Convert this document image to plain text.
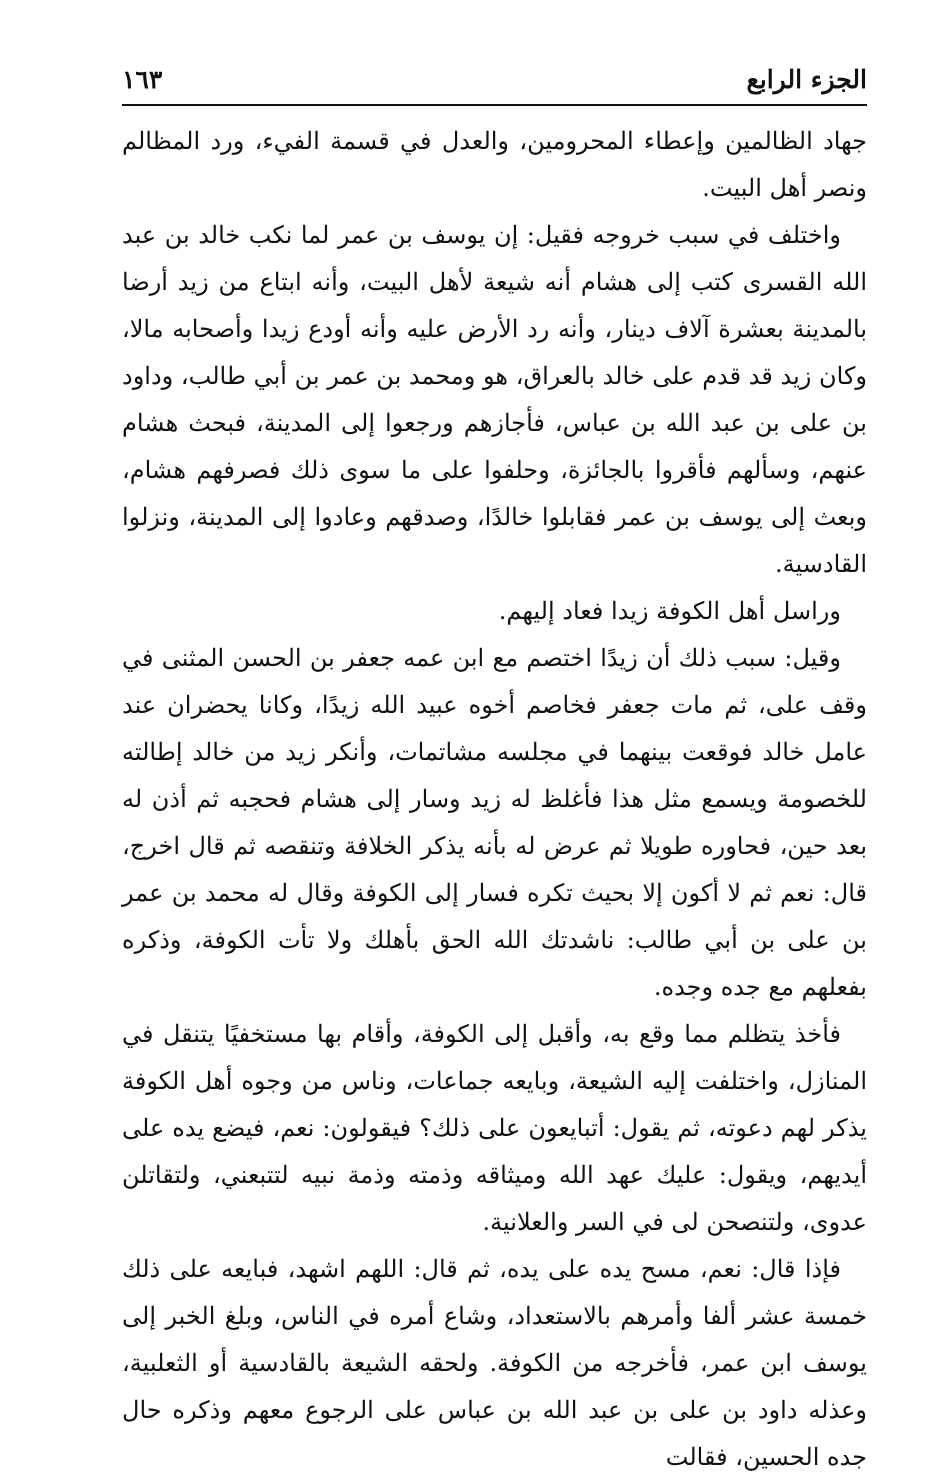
الجزء الرابع
١٦٣

جهاد الظالمين وإعطاء المحرومين، والعدل في قسمة الفيء، ورد المظالم ونصر أهل البيت.

واختلف في سبب خروجه فقيل: إن يوسف بن عمر لما نكب خالد بن عبد الله القسرى كتب إلى هشام أنه شيعة لأهل البيت، وأنه ابتاع من زيد أرضا بالمدينة بعشرة آلاف دينار، وأنه رد الأرض عليه وأنه أودع زيدا وأصحابه مالا، وكان زيد قد قدم على خالد بالعراق، هو ومحمد بن عمر بن أبي طالب، وداود بن على بن عبد الله بن عباس، فأجازهم ورجعوا إلى المدينة، فبحث هشام عنهم، وسألهم فأقروا بالجائزة، وحلفوا على ما سوى ذلك فصرفهم هشام، وبعث إلى يوسف بن عمر فقابلوا خالدًا، وصدقهم وعادوا إلى المدينة، ونزلوا القادسية.

وراسل أهل الكوفة زيدا فعاد إليهم.

وقيل: سبب ذلك أن زيدًا اختصم مع ابن عمه جعفر بن الحسن المثنى في وقف على، ثم مات جعفر فخاصم أخوه عبيد الله زيدًا، وكانا يحضران عند عامل خالد فوقعت بينهما في مجلسه مشاتمات، وأنكر زيد من خالد إطالته للخصومة ويسمع مثل هذا فأغلظ له زيد وسار إلى هشام فحجبه ثم أذن له بعد حين، فحاوره طويلا ثم عرض له بأنه يذكر الخلافة وتنقصه ثم قال اخرج، قال: نعم ثم لا أكون إلا بحيث تكره فسار إلى الكوفة وقال له محمد بن عمر بن على بن أبي طالب: ناشدتك الله الحق بأهلك ولا تأت الكوفة، وذكره بفعلهم مع جده وجده.

فأخذ يتظلم مما وقع به، وأقبل إلى الكوفة، وأقام بها مستخفيًا يتنقل في المنازل، واختلفت إليه الشيعة، وبايعه جماعات، وناس من وجوه أهل الكوفة يذكر لهم دعوته، ثم يقول: أتبايعون على ذلك؟ فيقولون: نعم، فيضع يده على أيديهم، ويقول: عليك عهد الله وميثاقه وذمته وذمة نبيه لتتبعني، ولتقاتلن عدوى، ولتنصحن لى في السر والعلانية.

فإذا قال: نعم، مسح يده على يده، ثم قال: اللهم اشهد، فبايعه على ذلك خمسة عشر ألفا وأمرهم بالاستعداد، وشاع أمره في الناس، وبلغ الخبر إلى يوسف ابن عمر، فأخرجه من الكوفة. ولحقه الشيعة بالقادسية أو الثعلبية، وعذله داود بن على بن عبد الله بن عباس على الرجوع معهم وذكره حال جده الحسين، فقالت
